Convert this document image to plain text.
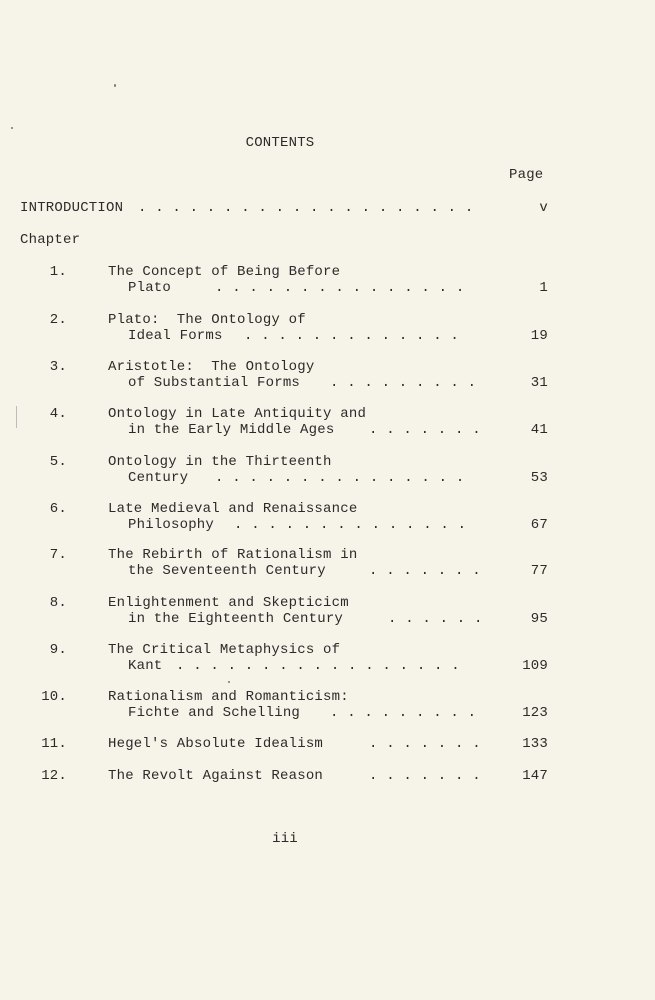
CONTENTS
Page
INTRODUCTION . . . . . . . . . . . . . . . . . . . .	v
Chapter
1.	The Concept of Being Before
Plato	. . . . . . . . . . . . . . .	1
2.	Plato:  The Ontology of
Ideal Forms . . . . . . . . . . . . .	19
3.	Aristotle:  The Ontology
of Substantial Forms . . . . . . . . .	31
4.	Ontology in Late Antiquity and
in the Early Middle Ages . . . . . . .	41
5.	Ontology in the Thirteenth
Century . . . . . . . . . . . . . . .	53
6.	Late Medieval and Renaissance
Philosophy . . . . . . . . . . . . . .	67
7.	The Rebirth of Rationalism in
the Seventeenth Century	. . . . . . .	77
8.	Enlightenment and Skepticicm
in the Eighteenth Century	. . . . . .	95
9.	The Critical Metaphysics of
Kant . . . . . . . . . . . . . . . . .	109
10.	Rationalism and Romanticism:
Fichte and Schelling . . . . . . . . .	123
11.	Hegel's Absolute Idealism	. . . . . . .	133
12.	The Revolt Against Reason	. . . . . . .	147
iii
